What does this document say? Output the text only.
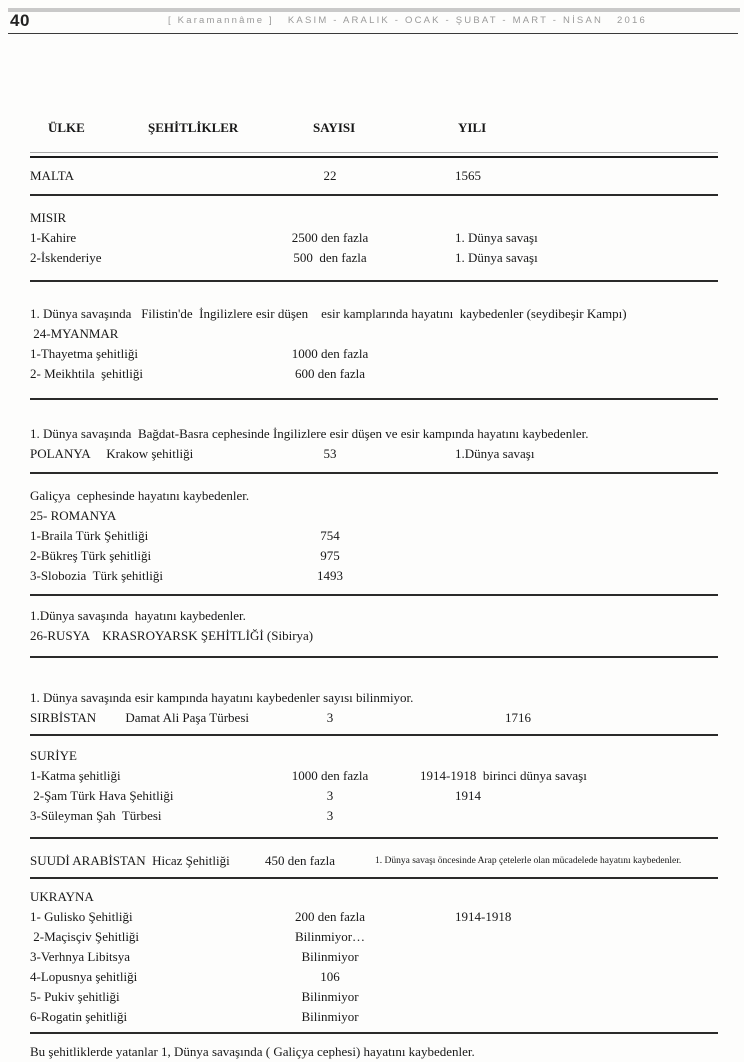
40	[ Karamannâme ] KASIM - ARALIK - OCAK - ŞUBAT - MART - NİSAN 2016
ÜLKE	ŞEHİTLİKLER	SAYISI	YILI
MALTA	22	1565
MISIR
1-Kahire	2500 den fazla	1. Dünya savaşı
2-İskenderiye	500  den fazla	1. Dünya savaşı
1. Dünya savaşında   Filistin'de  İngilizlere esir düşen    esir kamplarında hayatını  kaybedenler (seydibeşir Kampı)
24-MYANMAR
1-Thayetma şehitliği	1000 den fazla
2- Meikhtila  şehitliği	600 den fazla
1. Dünya savaşında  Bağdat-Basra cephesinde İngilizlere esir düşen ve esir kampında hayatını kaybedenler.
POLANYA     Krakow şehitliği	53	1.Dünya savaşı
Galiçya  cephesinde hayatını kaybedenler.
25- ROMANYA
1-Braila Türk Şehitliği	754
2-Bükreş Türk şehitliği	975
3-Slobozia  Türk şehitliği	1493
1.Dünya savaşında  hayatını kaybedenler.
26-RUSYA    KRASROYARSK ŞEHİTLİĞİ (Sibirya)
1. Dünya savaşında esir kampında hayatını kaybedenler sayısı bilinmiyor.
SIRBİSTAN         Damat Ali Paşa Türbesi	3	1716
SURİYE
1-Katma şehitliği	1000 den fazla	1914-1918  birinci dünya savaşı
2-Şam Türk Hava Şehitliği	3	1914
3-Süleyman Şah  Türbesi	3
SUUDİ ARABİSTAN  Hicaz Şehitliği	450 den fazla	1. Dünya savaşı öncesinde Arap çetelerle olan mücadelede hayatını kaybedenler.
UKRAYNA
1- Gulisko Şehitliği	200 den fazla	1914-1918
2-Maçisçiv Şehitliği	Bilinmiyor…
3-Verhnya Libitsya	Bilinmiyor
4-Lopusnya şehitliği	106
5- Pukiv şehitliği	Bilinmiyor
6-Rogatin şehitliği	Bilinmiyor
Bu şehitliklerde yatanlar 1, Dünya savaşında ( Galiçya cephesi) hayatını kaybedenler.
